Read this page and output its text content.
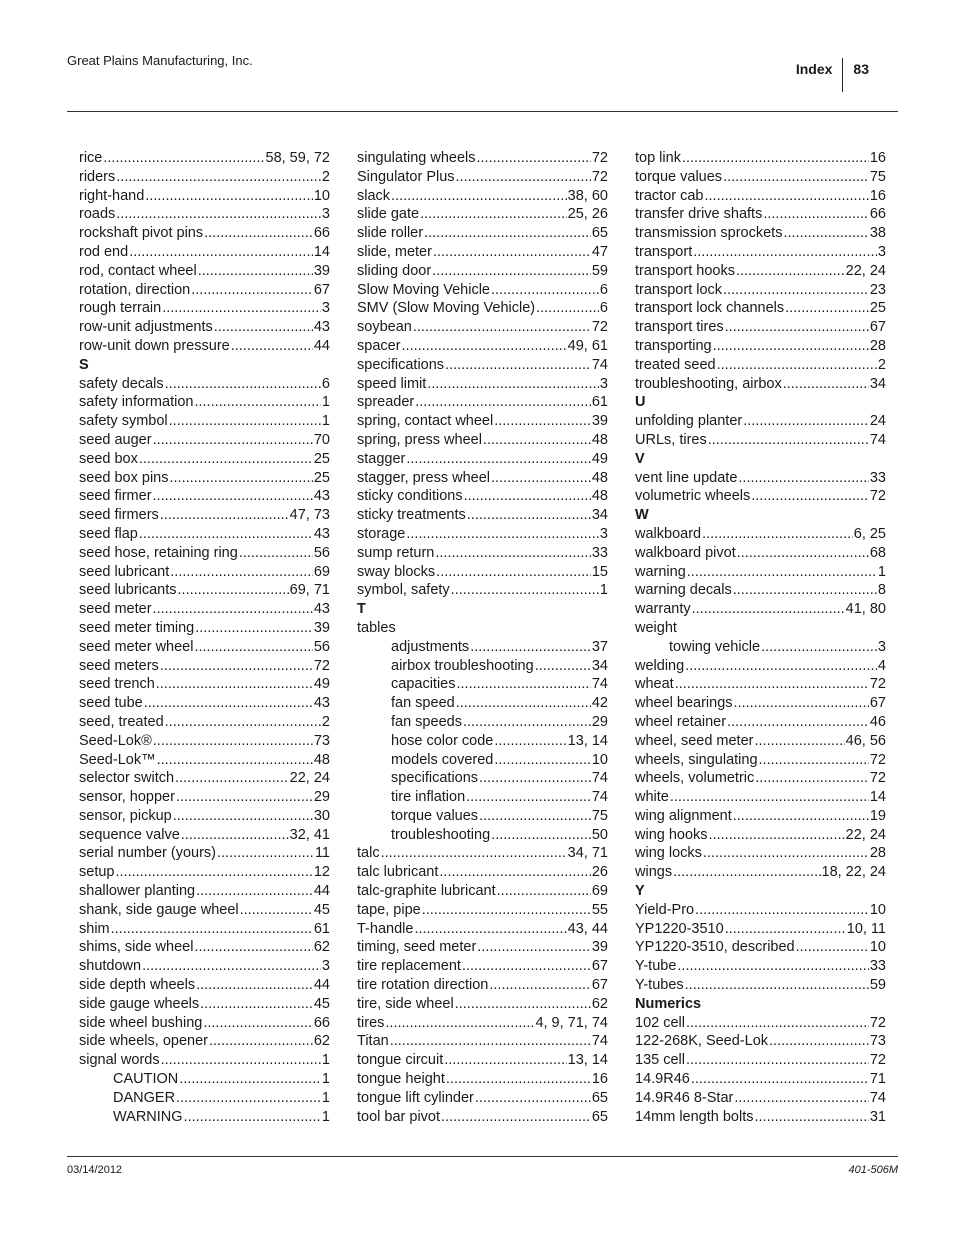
Great Plains Manufacturing, Inc.
Index 83
rice .....	58, 59, 72
riders .....	2
right-hand .....	10
roads .....	3
rockshaft pivot pins .....	66
rod end .....	14
rod, contact wheel .....	39
rotation, direction .....	67
rough terrain .....	3
row-unit adjustments .....	43
row-unit down pressure .....	44
S
safety decals .....	6
safety information .....	1
safety symbol .....	1
seed auger .....	70
seed box .....	25
seed box pins .....	25
seed firmer .....	43
seed firmers .....	47, 73
seed flap .....	43
seed hose, retaining ring .....	56
seed lubricant .....	69
seed lubricants .....	69, 71
seed meter .....	43
seed meter timing .....	39
seed meter wheel .....	56
seed meters .....	72
seed trench .....	49
seed tube .....	43
seed, treated .....	2
Seed-Lok® .....	73
Seed-Lok™ .....	48
selector switch .....	22, 24
sensor, hopper .....	29
sensor, pickup .....	30
sequence valve .....	32, 41
serial number (yours) .....	11
setup .....	12
shallower planting .....	44
shank, side gauge wheel .....	45
shim .....	61
shims, side wheel .....	62
shutdown .....	3
side depth wheels .....	44
side gauge wheels .....	45
side wheel bushing .....	66
side wheels, opener .....	62
signal words .....	1
CAUTION .....	1
DANGER .....	1
WARNING .....	1
singulating wheels .....	72
Singulator Plus .....	72
slack .....	38, 60
slide gate .....	25, 26
slide roller .....	65
slide, meter .....	47
sliding door .....	59
Slow Moving Vehicle .....	6
SMV (Slow Moving Vehicle) .....	6
soybean .....	72
spacer .....	49, 61
specifications .....	74
speed limit .....	3
spreader .....	61
spring, contact wheel .....	39
spring, press wheel .....	48
stagger .....	49
stagger, press wheel .....	48
sticky conditions .....	48
sticky treatments .....	34
storage .....	3
sump return .....	33
sway blocks .....	15
symbol, safety .....	1
T
tables
adjustments .....	37
airbox troubleshooting .....	34
capacities .....	74
fan speed .....	42
fan speeds .....	29
hose color code .....	13, 14
models covered .....	10
specifications .....	74
tire inflation .....	74
torque values .....	75
troubleshooting .....	50
talc .....	34, 71
talc lubricant .....	26
talc-graphite lubricant .....	69
tape, pipe .....	55
T-handle .....	43, 44
timing, seed meter .....	39
tire replacement .....	67
tire rotation direction .....	67
tire, side wheel .....	62
tires .....	4, 9, 71, 74
Titan .....	74
tongue circuit .....	13, 14
tongue height .....	16
tongue lift cylinder .....	65
tool bar pivot .....	65
top link .....	16
torque values .....	75
tractor cab .....	16
transfer drive shafts .....	66
transmission sprockets .....	38
transport .....	3
transport hooks .....	22, 24
transport lock .....	23
transport lock channels .....	25
transport tires .....	67
transporting .....	28
treated seed .....	2
troubleshooting, airbox .....	34
U
unfolding planter .....	24
URLs, tires .....	74
V
vent line update .....	33
volumetric wheels .....	72
W
walkboard .....	6, 25
walkboard pivot .....	68
warning .....	1
warning decals .....	8
warranty .....	41, 80
weight
towing vehicle .....	3
welding .....	4
wheat .....	72
wheel bearings .....	67
wheel retainer .....	46
wheel, seed meter .....	46, 56
wheels, singulating .....	72
wheels, volumetric .....	72
white .....	14
wing alignment .....	19
wing hooks .....	22, 24
wing locks .....	28
wings .....	18, 22, 24
Y
Yield-Pro .....	10
YP1220-3510 .....	10, 11
YP1220-3510, described .....	10
Y-tube .....	33
Y-tubes .....	59
Numerics
102 cell .....	72
122-268K, Seed-Lok .....	73
135 cell .....	72
14.9R46 .....	71
14.9R46 8-Star .....	74
14mm length bolts .....	31
03/14/2012	401-506M
